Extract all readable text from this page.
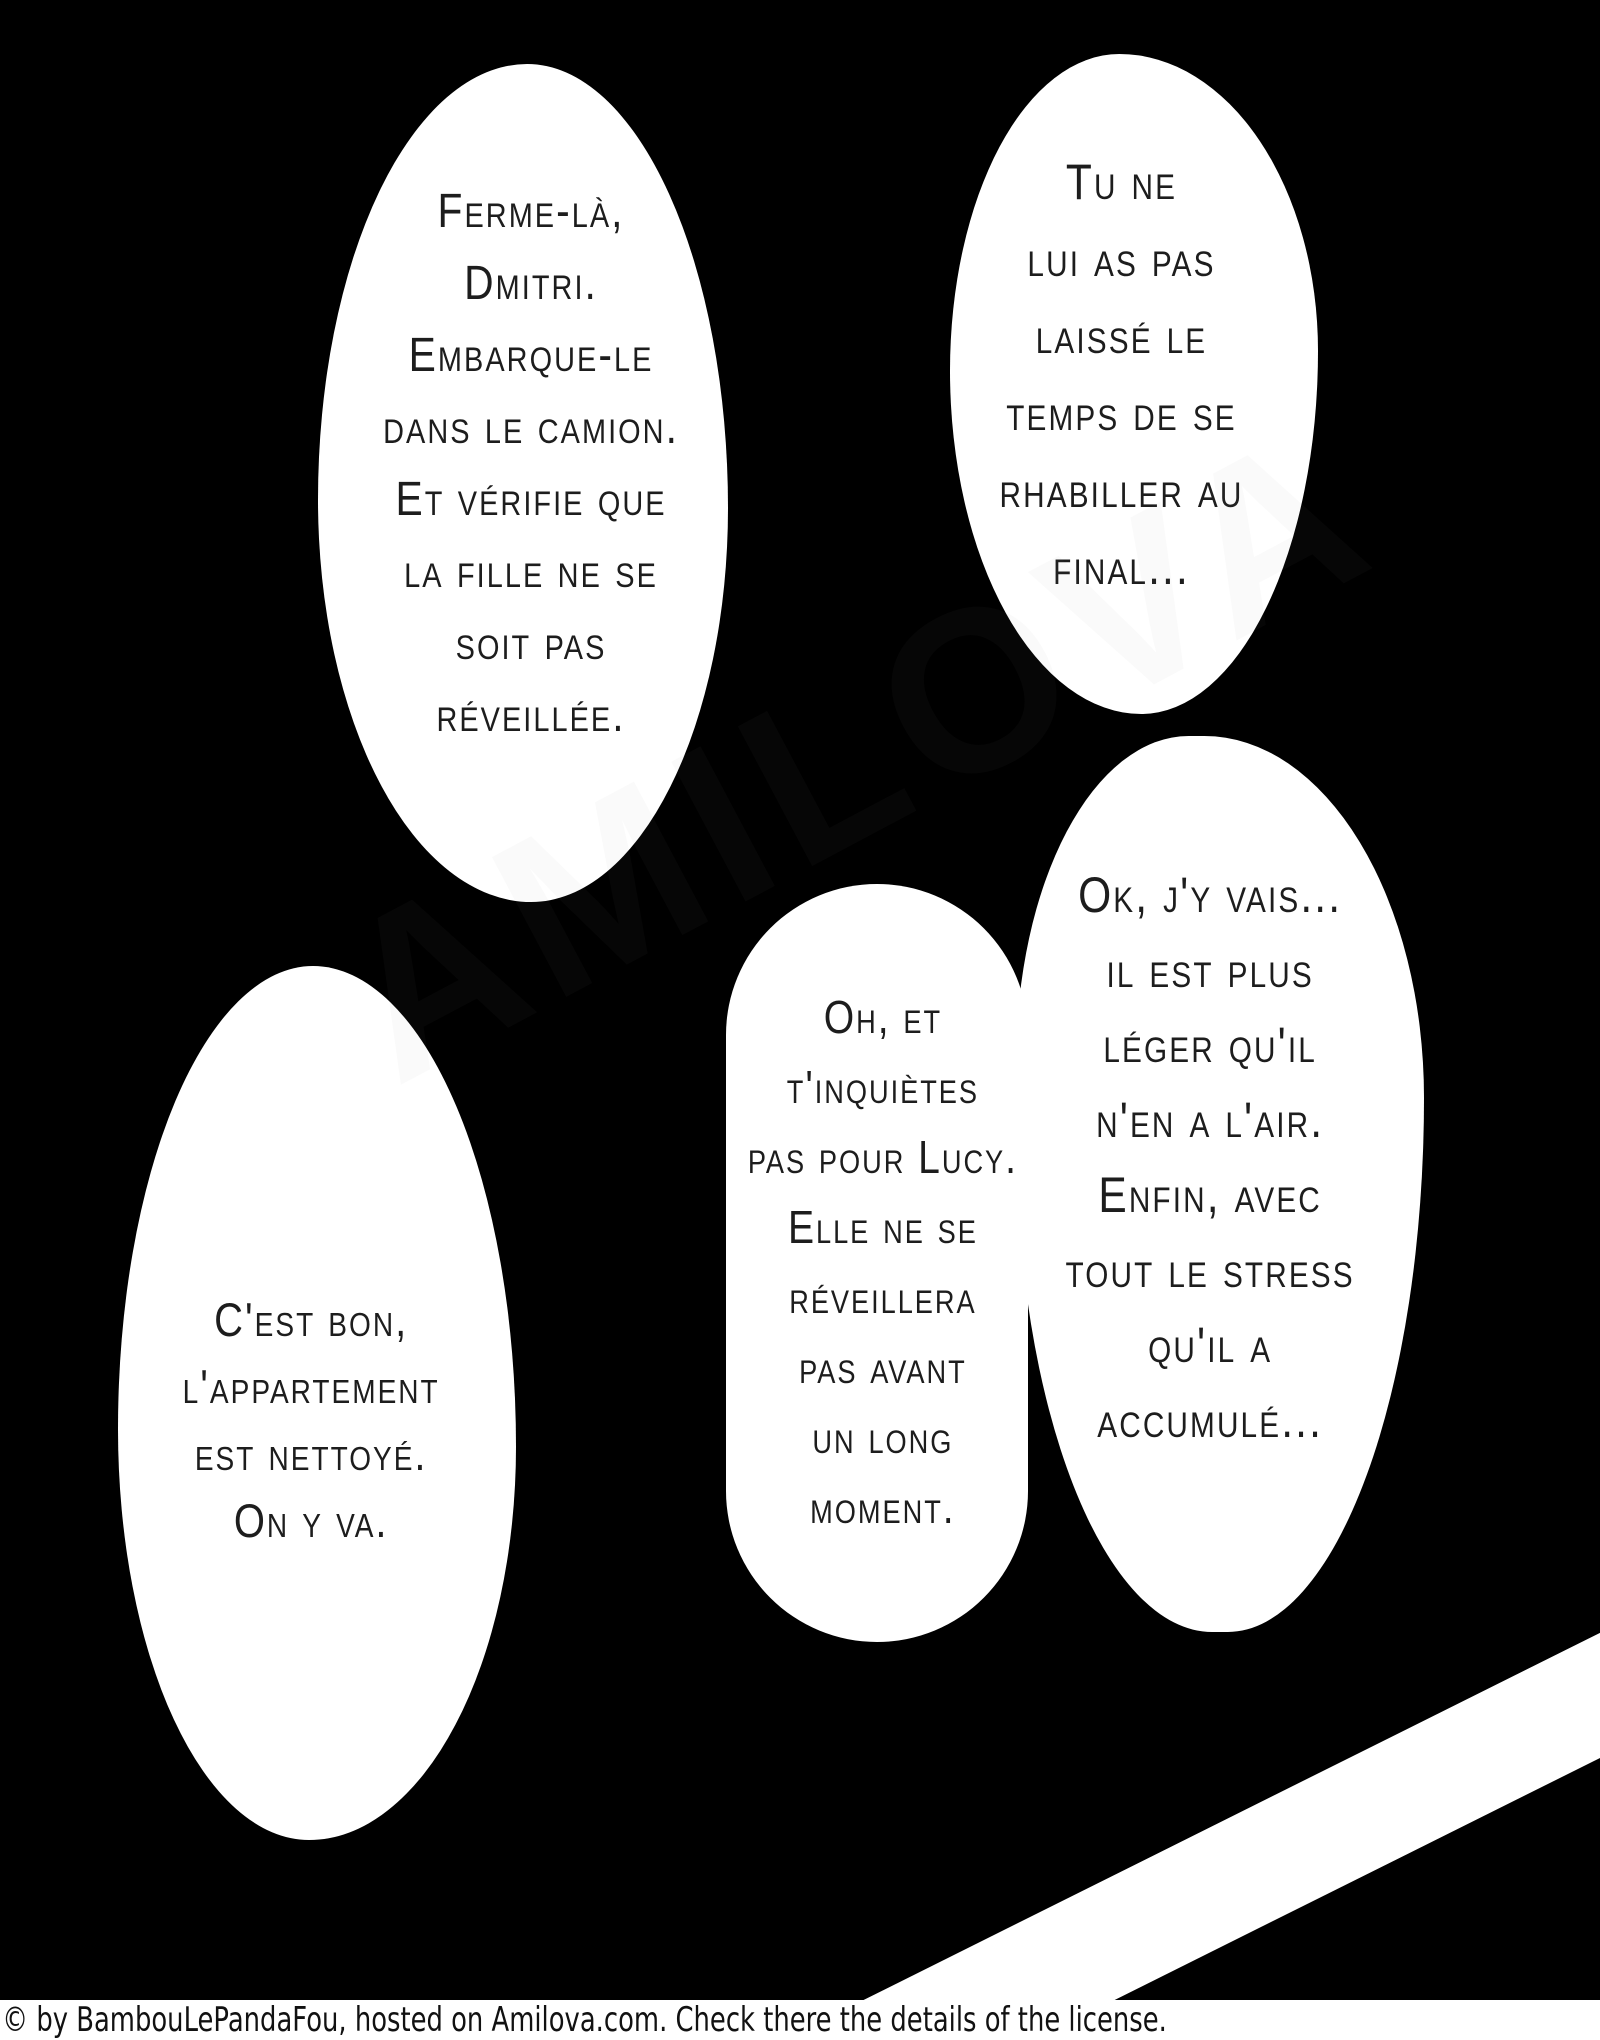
Ferme-là,
Dmitri.
Embarque-le
dans le camion.
Et vérifie que
la fille ne se
soit pas
réveillée.
Tu ne
lui as pas
laissé le
temps de se
rhabiller au
final...
Ok, j'y vais...
il est plus
léger qu'il
n'en a l'air.
Enfin, avec
tout le stress
qu'il a
accumulé...
Oh, et
t'inquiètes
pas pour Lucy.
Elle ne se
réveillera
pas avant
un long
moment.
C'est bon,
l'appartement
est nettoyé.
On y va.
© by BambouLePandaFou, hosted on Amilova.com. Check there the details of the license.
